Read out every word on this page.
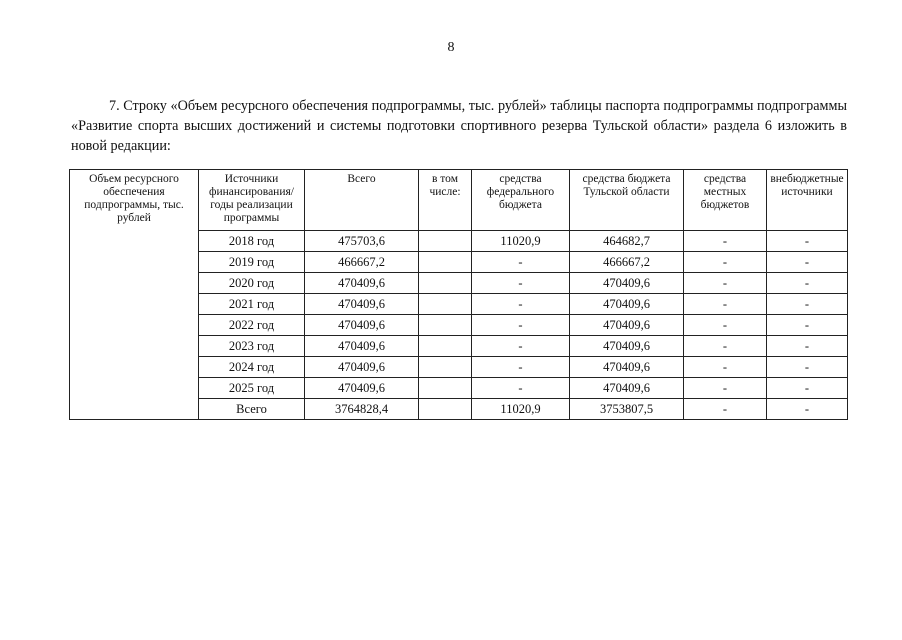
8
7. Строку «Объем ресурсного обеспечения подпрограммы, тыс. рублей» таблицы паспорта подпрограммы подпрограммы «Развитие спорта высших достижений и системы подготовки спортивного резерва Тульской области» раздела 6 изложить в новой редакции:
Объем ресурсного обеспечения подпрограммы, тыс. рублей	Источники финансирования/ годы реализации программы	Всего	в том числе:	средства федерального бюджета	средства бюджета Тульской области	средства местных бюджетов	внебюджетные источники
	2018 год	475703,6		11020,9	464682,7	-	-
	2019 год	466667,2		-	466667,2	-	-
	2020 год	470409,6		-	470409,6	-	-
	2021 год	470409,6		-	470409,6	-	-
	2022 год	470409,6		-	470409,6	-	-
	2023 год	470409,6		-	470409,6	-	-
	2024 год	470409,6		-	470409,6	-	-
	2025 год	470409,6		-	470409,6	-	-
	Всего	3764828,4		11020,9	3753807,5	-	-
